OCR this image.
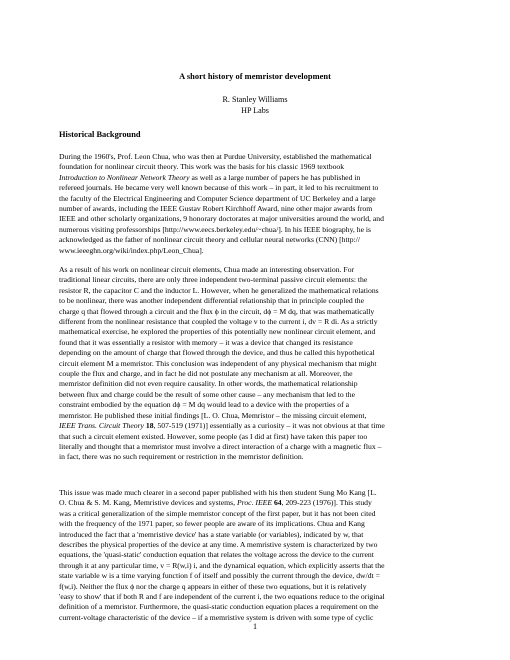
A short history of memristor development
R. Stanley Williams
HP Labs
Historical Background
During the 1960's, Prof. Leon Chua, who was then at Purdue University, established the mathematical
foundation for nonlinear circuit theory. This work was the basis for his classic 1969 textbook
Introduction to Nonlinear Network Theory as well as a large number of papers he has published in
refereed journals. He became very well known because of this work – in part, it led to his recruitment to
the faculty of the Electrical Engineering and Computer Science department of UC Berkeley and a large
number of awards, including the IEEE Gustav Robert Kirchhoff Award, nine other major awards from
IEEE and other scholarly organizations, 9 honorary doctorates at major universities around the world, and
numerous visiting professorships [http://www.eecs.berkeley.edu/~chua/]. In his IEEE biography, he is
acknowledged as the father of nonlinear circuit theory and cellular neural networks (CNN) [http://
www.ieeeghn.org/wiki/index.php/Leon_Chua].
As a result of his work on nonlinear circuit elements, Chua made an interesting observation. For
traditional linear circuits, there are only three independent two-terminal passive circuit elements: the
resistor R, the capacitor C and the inductor L. However, when he generalized the mathematical relations
to be nonlinear, there was another independent differential relationship that in principle coupled the
charge q that flowed through a circuit and the flux ϕ in the circuit, dϕ = M dq, that was mathematically
different from the nonlinear resistance that coupled the voltage v to the current i, dv = R di. As a strictly
mathematical exercise, he explored the properties of this potentially new nonlinear circuit element, and
found that it was essentially a resistor with memory – it was a device that changed its resistance
depending on the amount of charge that flowed through the device, and thus he called this hypothetical
circuit element M a memristor. This conclusion was independent of any physical mechanism that might
couple the flux and charge, and in fact he did not postulate any mechanism at all. Moreover, the
memristor definition did not even require causality. In other words, the mathematical relationship
between flux and charge could be the result of some other cause – any mechanism that led to the
constraint embodied by the equation dϕ = M dq would lead to a device with the properties of a
memristor. He published these initial findings [L. O. Chua, Memristor – the missing circuit element,
IEEE Trans. Circuit Theory 18, 507-519 (1971)] essentially as a curiosity – it was not obvious at that time
that such a circuit element existed. However, some people (as I did at first) have taken this paper too
literally and thought that a memristor must involve a direct interaction of a charge with a magnetic flux –
in fact, there was no such requirement or restriction in the memristor definition.
This issue was made much clearer in a second paper published with his then student Sung Mo Kang [L.
O. Chua & S. M. Kang, Memristive devices and systems, Proc. IEEE 64, 209-223 (1976)]. This study
was a critical generalization of the simple memristor concept of the first paper, but it has not been cited
with the frequency of the 1971 paper, so fewer people are aware of its implications. Chua and Kang
introduced the fact that a 'memristive device' has a state variable (or variables), indicated by w, that
describes the physical properties of the device at any time. A memristive system is characterized by two
equations, the 'quasi-static' conduction equation that relates the voltage across the device to the current
through it at any particular time, v = R(w,i) i, and the dynamical equation, which explicitly asserts that the
state variable w is a time varying function f of itself and possibly the current through the device, dw/dt =
f(w,i). Neither the flux ϕ nor the charge q appears in either of these two equations, but it is relatively
'easy to show' that if both R and f are independent of the current i, the two equations reduce to the original
definition of a memristor. Furthermore, the quasi-static conduction equation places a requirement on the
current-voltage characteristic of the device – if a memristive system is driven with some type of cyclic
1
